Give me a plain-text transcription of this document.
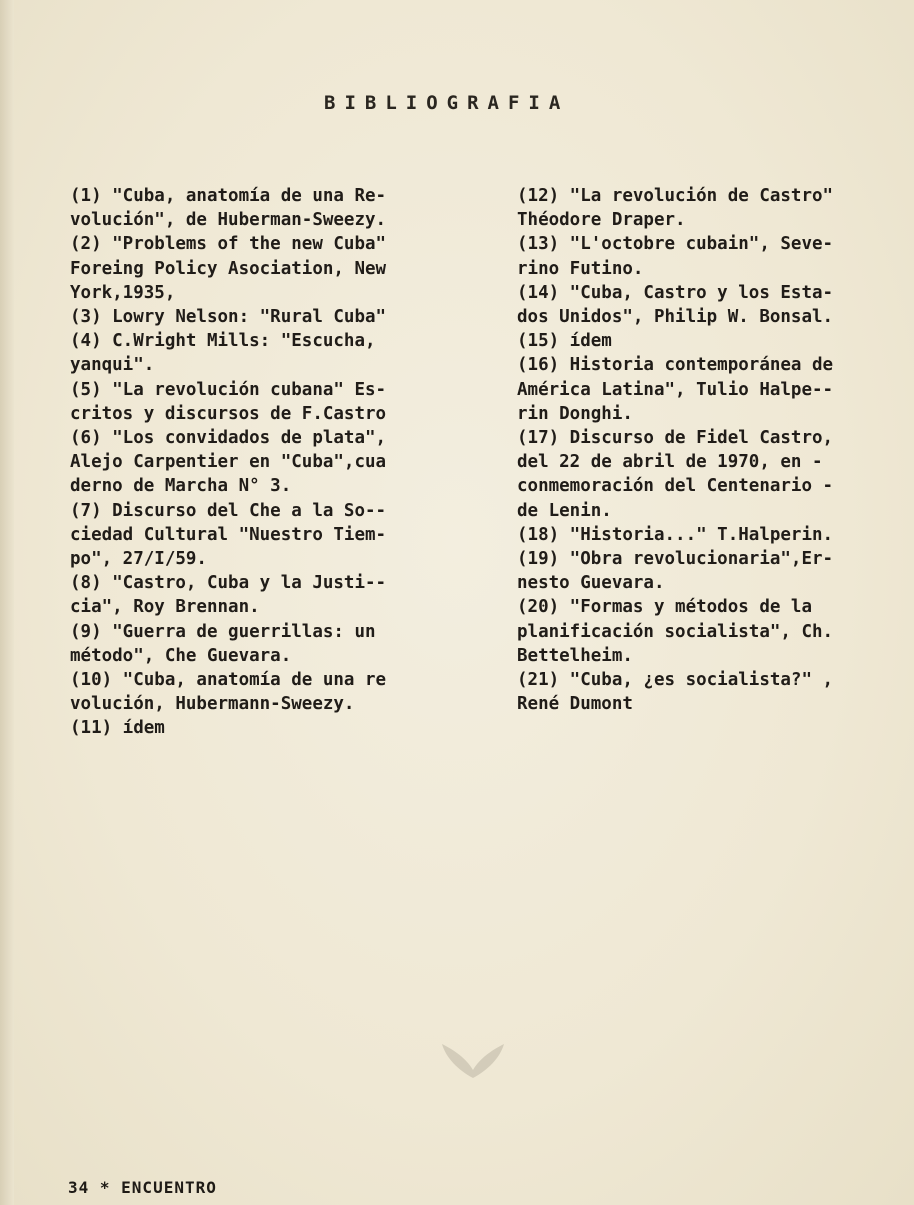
BIBLIOGRAFIA
(1) "Cuba, anatomía de una Re-
volución", de Huberman-Sweezy.
(2) "Problems of the new Cuba"
Foreing Policy Asociation, New
York,1935,
(3) Lowry Nelson: "Rural Cuba"
(4) C.Wright Mills: "Escucha,
yanqui".
(5) "La revolución cubana" Es-
critos y discursos de F.Castro
(6) "Los convidados de plata",
Alejo Carpentier en "Cuba",cua
derno de Marcha N° 3.
(7) Discurso del Che a la So--
ciedad Cultural "Nuestro Tiem-
po", 27/I/59.
(8) "Castro, Cuba y la Justi--
cia", Roy Brennan.
(9) "Guerra de guerrillas: un
método", Che Guevara.
(10) "Cuba, anatomía de una re
volución, Hubermann-Sweezy.
(11) ídem
(12) "La revolución de Castro"
Théodore Draper.
(13) "L'octobre cubain", Seve-
rino Futino.
(14) "Cuba, Castro y los Esta-
dos Unidos", Philip W. Bonsal.
(15) ídem
(16) Historia contemporánea de
América Latina", Tulio Halpe--
rin Donghi.
(17) Discurso de Fidel Castro,
del 22 de abril de 1970, en -
conmemoración del Centenario -
de Lenin.
(18) "Historia..." T.Halperin.
(19) "Obra revolucionaria",Er-
nesto Guevara.
(20) "Formas y métodos de la
planificación socialista", Ch.
Bettelheim.
(21) "Cuba, ¿es socialista?" ,
René Dumont
34 * ENCUENTRO
